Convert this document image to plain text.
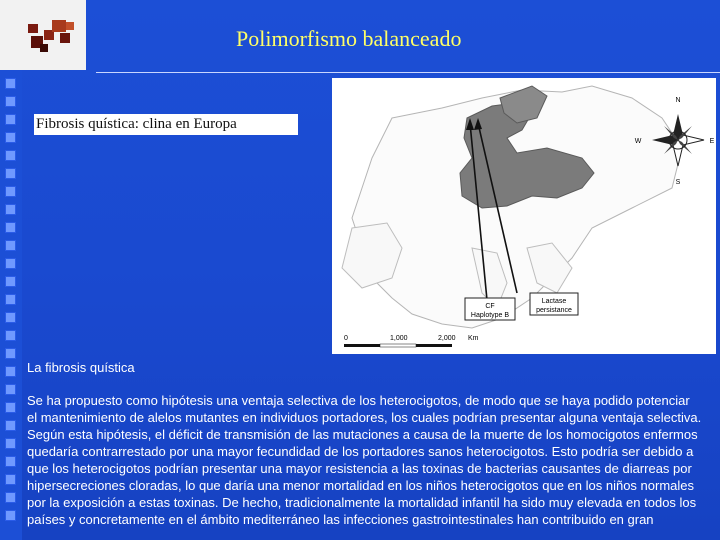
Polimorfismo balanceado
CF
Haplotype B
Lactase
persistance
0	1,000	2,000 Km
N
S
E
W
Fibrosis quística: clina en Europa
La fibrosis quística
Se ha propuesto como hipótesis una ventaja selectiva de los heterocigotos, de modo que se haya podido potenciar el mantenimiento de alelos mutantes en individuos portadores, los cuales podrían presentar alguna ventaja selectiva. Según esta hipótesis, el déficit de transmisión de las mutaciones a causa de la muerte de los homocigotos enfermos quedaría contrarrestado por una mayor fecundidad de los portadores sanos heterocigotos. Esto podría ser debido a que los heterocigotos podrían presentar una mayor resistencia a las toxinas de bacterias causantes de diarreas por hipersecreciones cloradas, lo que daría una menor mortalidad en los niños heterocigotos que en los niños normales por la exposición a estas toxinas. De hecho, tradicionalmente la mortalidad infantil ha sido muy elevada en todos los países y concretamente en el ámbito mediterráneo las infecciones gastrointestinales han contribuido en gran
